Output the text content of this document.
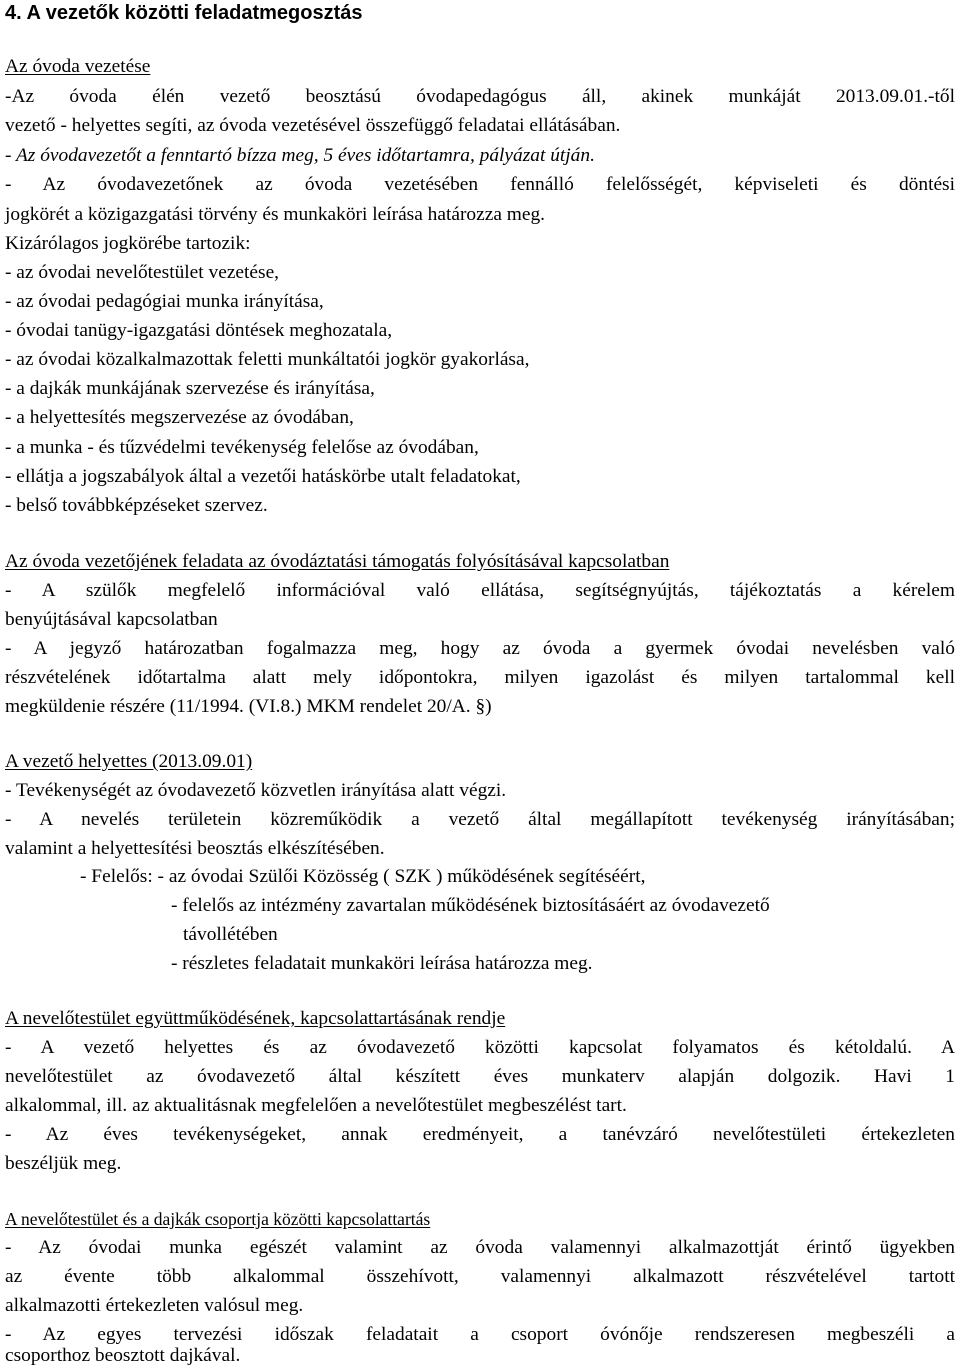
4. A vezetők közötti feladatmegosztás
Az óvoda vezetése
-Az óvoda élén vezető beosztású óvodapedagógus áll, akinek munkáját 2013.09.01.-től
vezető - helyettes segíti, az óvoda vezetésével összefüggő feladatai ellátásában.
- Az óvodavezetőt a fenntartó bízza meg, 5 éves időtartamra, pályázat útján.
- Az óvodavezetőnek az óvoda vezetésében fennálló felelősségét, képviseleti és döntési
jogkörét a közigazgatási törvény és munkaköri leírása határozza meg.
Kizárólagos jogkörébe tartozik:
- az óvodai nevelőtestület vezetése,
- az óvodai pedagógiai munka irányítása,
- óvodai tanügy-igazgatási döntések meghozatala,
- az óvodai közalkalmazottak feletti munkáltatói jogkör gyakorlása,
- a dajkák munkájának szervezése és irányítása,
- a helyettesítés megszervezése az óvodában,
- a munka - és tűzvédelmi tevékenység felelőse az óvodában,
- ellátja a jogszabályok által a vezetői hatáskörbe utalt feladatokat,
- belső továbbképzéseket szervez.
Az óvoda vezetőjének feladata az óvodáztatási támogatás folyósításával kapcsolatban
- A szülők megfelelő információval való ellátása, segítségnyújtás, tájékoztatás a kérelem
benyújtásával kapcsolatban
- A jegyző határozatban fogalmazza meg, hogy az óvoda a gyermek óvodai nevelésben való
részvételének időtartalma alatt mely időpontokra, milyen igazolást és milyen tartalommal kell
megküldenie részére (11/1994. (VI.8.) MKM rendelet 20/A. §)
A vezető helyettes (2013.09.01)
- Tevékenységét az óvodavezető közvetlen irányítása alatt végzi.
- A nevelés területein közreműködik a vezető által megállapított tevékenység irányításában;
valamint a helyettesítési beosztás elkészítésében.
- Felelős: - az óvodai Szülői Közösség ( SZK ) működésének segítéséért,
- felelős az intézmény zavartalan működésének biztosításáért az óvodavezető
távollétében
- részletes feladatait munkaköri leírása határozza meg.
A nevelőtestület együttműködésének, kapcsolattartásának rendje
- A vezető helyettes és az óvodavezető közötti kapcsolat folyamatos és kétoldalú. A
nevelőtestület az óvodavezető által készített éves munkaterv alapján dolgozik. Havi 1
alkalommal, ill. az aktualitásnak megfelelően a nevelőtestület megbeszélést tart.
- Az éves tevékenységeket, annak eredményeit, a tanévzáró nevelőtestületi értekezleten
beszéljük meg.
A nevelőtestület és a dajkák csoportja közötti kapcsolattartás
- Az óvodai munka egészét valamint az óvoda valamennyi alkalmazottját érintő ügyekben
az évente több alkalommal összehívott, valamennyi alkalmazott részvételével tartott
alkalmazotti értekezleten valósul meg.
- Az egyes tervezési időszak feladatait a csoport óvónője rendszeresen megbeszéli a
csoporthoz beosztott dajkával.
